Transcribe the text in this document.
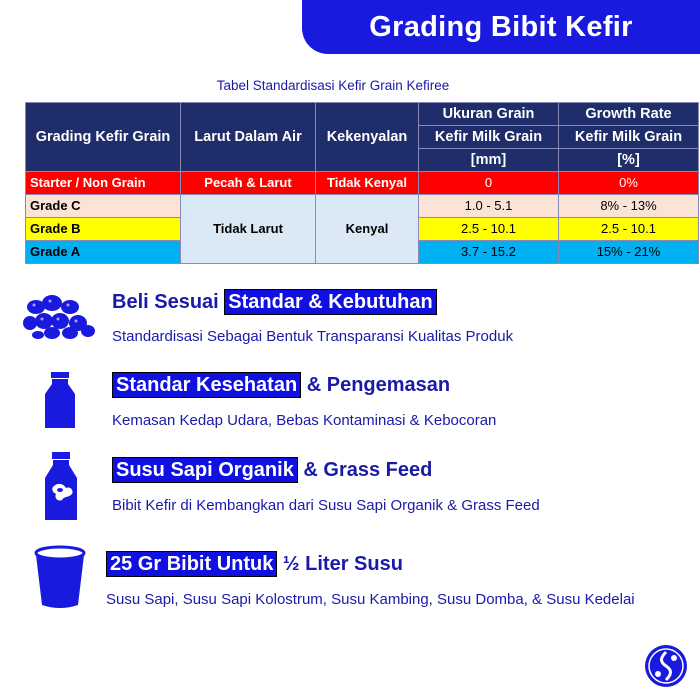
Grading Bibit Kefir
Tabel Standardisasi Kefir Grain Kefiree
Grading Kefir Grain	Larut Dalam Air	Kekenyalan	Ukuran Grain	Growth Rate
			Kefir Milk Grain	Kefir Milk Grain
			[mm]	[%]
Starter / Non Grain	Pecah & Larut	Tidak Kenyal	0	0%
Grade C	Tidak Larut	Kenyal	1.0 - 5.1	8% - 13%
Grade B			2.5 - 10.1	2.5 - 10.1
Grade A			3.7 - 15.2	15% - 21%
Beli Sesuai Standar & Kebutuhan
Standardisasi Sebagai Bentuk Transparansi Kualitas Produk
Standar Kesehatan & Pengemasan
Kemasan Kedap Udara, Bebas Kontaminasi & Kebocoran
Susu Sapi Organik & Grass Feed
Bibit Kefir di Kembangkan dari Susu Sapi Organik & Grass Feed
25 Gr Bibit Untuk ½ Liter Susu
Susu Sapi, Susu Sapi Kolostrum, Susu Kambing, Susu Domba, & Susu Kedelai
